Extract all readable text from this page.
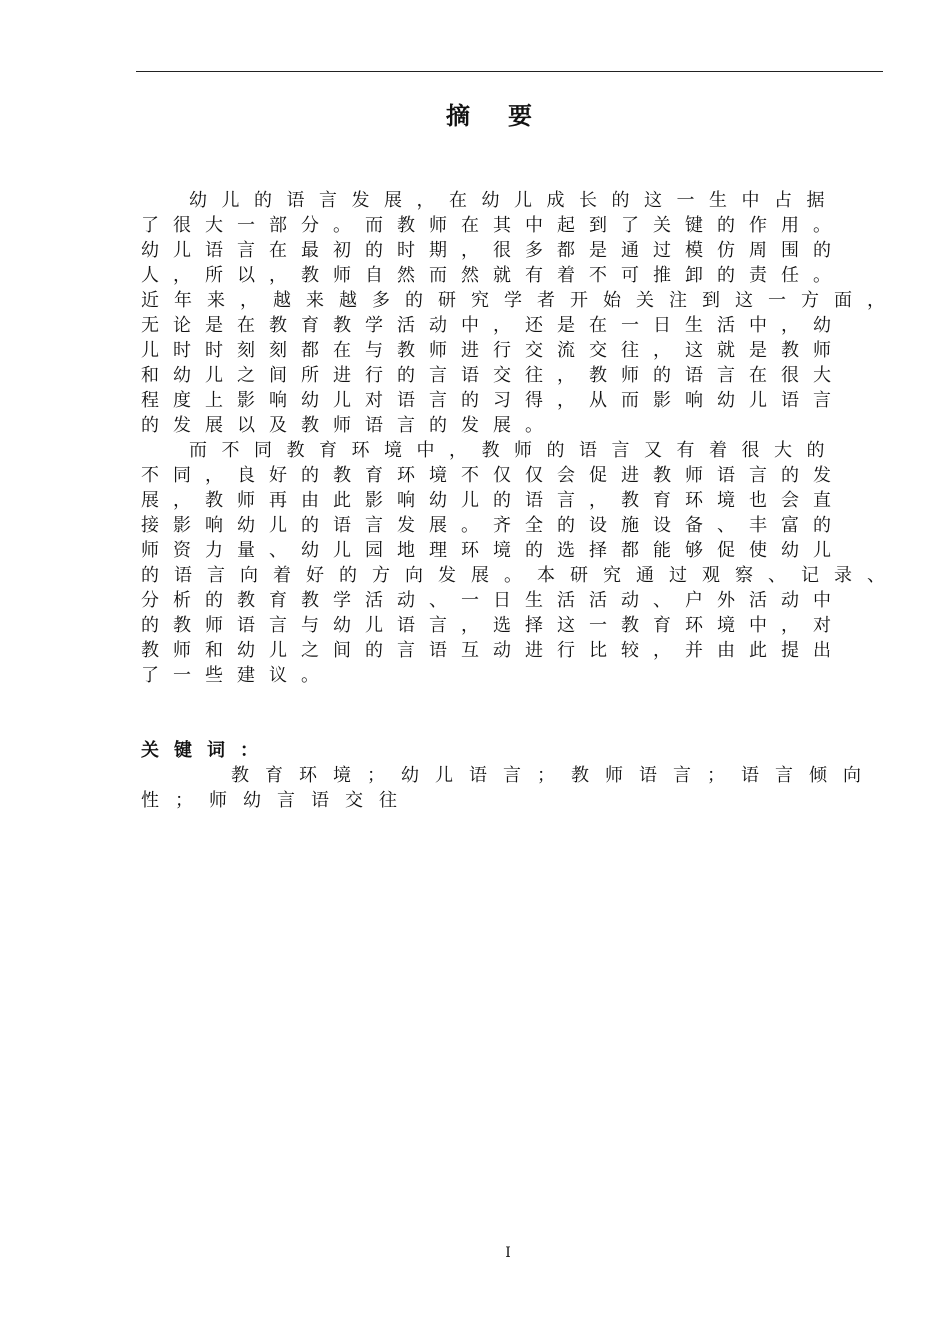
摘要
幼儿的语言发展，在幼儿成长的这一生中占据
了很大一部分。而教师在其中起到了关键的作用。
幼儿语言在最初的时期，很多都是通过模仿周围的
人，所以，教师自然而然就有着不可推卸的责任。
近年来，越来越多的研究学者开始关注到这一方面，
无论是在教育教学活动中，还是在一日生活中，幼
儿时时刻刻都在与教师进行交流交往，这就是教师
和幼儿之间所进行的言语交往，教师的语言在很大
程度上影响幼儿对语言的习得，从而影响幼儿语言
的发展以及教师语言的发展。
而不同教育环境中，教师的语言又有着很大的
不同，良好的教育环境不仅仅会促进教师语言的发
展，教师再由此影响幼儿的语言，教育环境也会直
接影响幼儿的语言发展。齐全的设施设备、丰富的
师资力量、幼儿园地理环境的选择都能够促使幼儿
的语言向着好的方向发展。本研究通过观察、记录、
分析的教育教学活动、一日生活活动、户外活动中
的教师语言与幼儿语言，选择这一教育环境中，对
教师和幼儿之间的言语互动进行比较，并由此提出
了一些建议。
关键词：
教育环境；幼儿语言；教师语言；语言倾向
性；师幼言语交往
I
